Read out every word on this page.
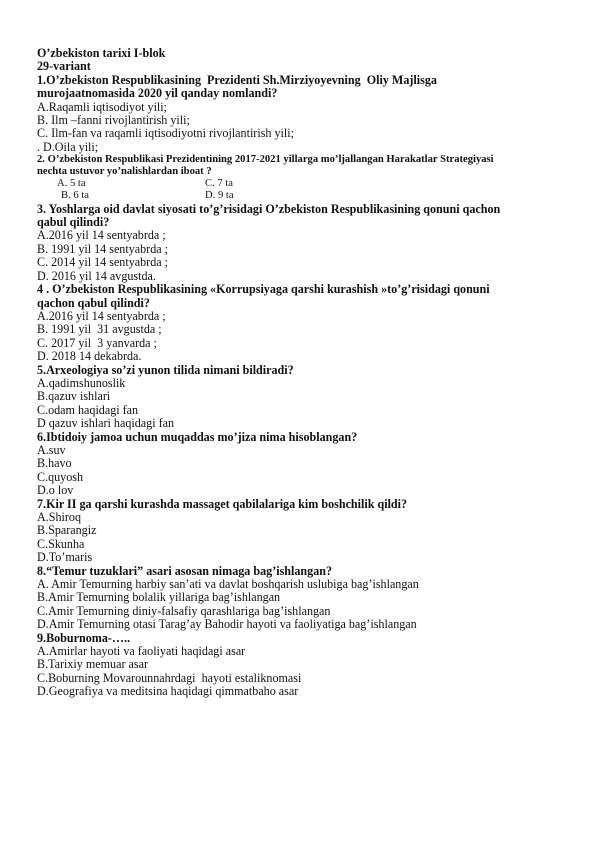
O’zbekiston tarixi I-blok
29-variant
1.O’zbekiston Respublikasining  Prezidenti Sh.Mirziyoyevning  Oliy Majlisga
murojaatnomasida 2020 yil qanday nomlandi?
A.Raqamli iqtisodiyot yili;
B. Ilm –fanni rivojlantirish yili;
C. Ilm-fan va raqamli iqtisodiyotni rivojlantirish yili;
. D.Oila yili;
2. O’zbekiston Respublikasi Prezidentining 2017-2021 yillarga mo’ljallangan Harakatlar Strategiyasi
nechta ustuvor yo’nalishlardan iboat ?
A. 5 ta	C. 7 ta
B. 6 ta	D. 9 ta
3. Yoshlarga oid davlat siyosati to’g’risidagi O’zbekiston Respublikasining qonuni qachon
qabul qilindi?
A.2016 yil 14 sentyabrda ;
B. 1991 yil 14 sentyabrda ;
C. 2014 yil 14 sentyabrda ;
D. 2016 yil 14 avgustda.
4 . O’zbekiston Respublikasining «Korrupsiyaga qarshi kurashish »to’g’risidagi qonuni
qachon qabul qilindi?
A.2016 yil 14 sentyabrda ;
B. 1991 yil  31 avgustda ;
C. 2017 yil  3 yanvarda ;
D. 2018 14 dekabrda.
5.Arxeologiya so’zi yunon tilida nimani bildiradi?
A.qadimshunoslik
B.qazuv ishlari
C.odam haqidagi fan
D qazuv ishlari haqidagi fan
6.Ibtidoiy jamoa uchun muqaddas mo’jiza nima hisoblangan?
A.suv
B.havo
C.quyosh
D.o lov
7.Kir II ga qarshi kurashda massaget qabilalariga kim boshchilik qildi?
A.Shiroq
B.Sparangiz
C.Skunha
D.To’maris
8.“Temur tuzuklari” asari asosan nimaga bag’ishlangan?
A. Amir Temurning harbiy san’ati va davlat boshqarish uslubiga bag’ishlangan
B.Amir Temurning bolalik yillariga bag’ishlangan
C.Amir Temurning diniy-falsafiy qarashlariga bag’ishlangan
D.Amir Temurning otasi Tarag’ay Bahodir hayoti va faoliyatiga bag’ishlangan
9.Boburnoma-…..
A.Amirlar hayoti va faoliyati haqidagi asar
B.Tarixiy memuar asar
C.Boburning Movarounnahrdagi  hayoti estaliknomasi
D.Geografiya va meditsina haqidagi qimmatbaho asar
